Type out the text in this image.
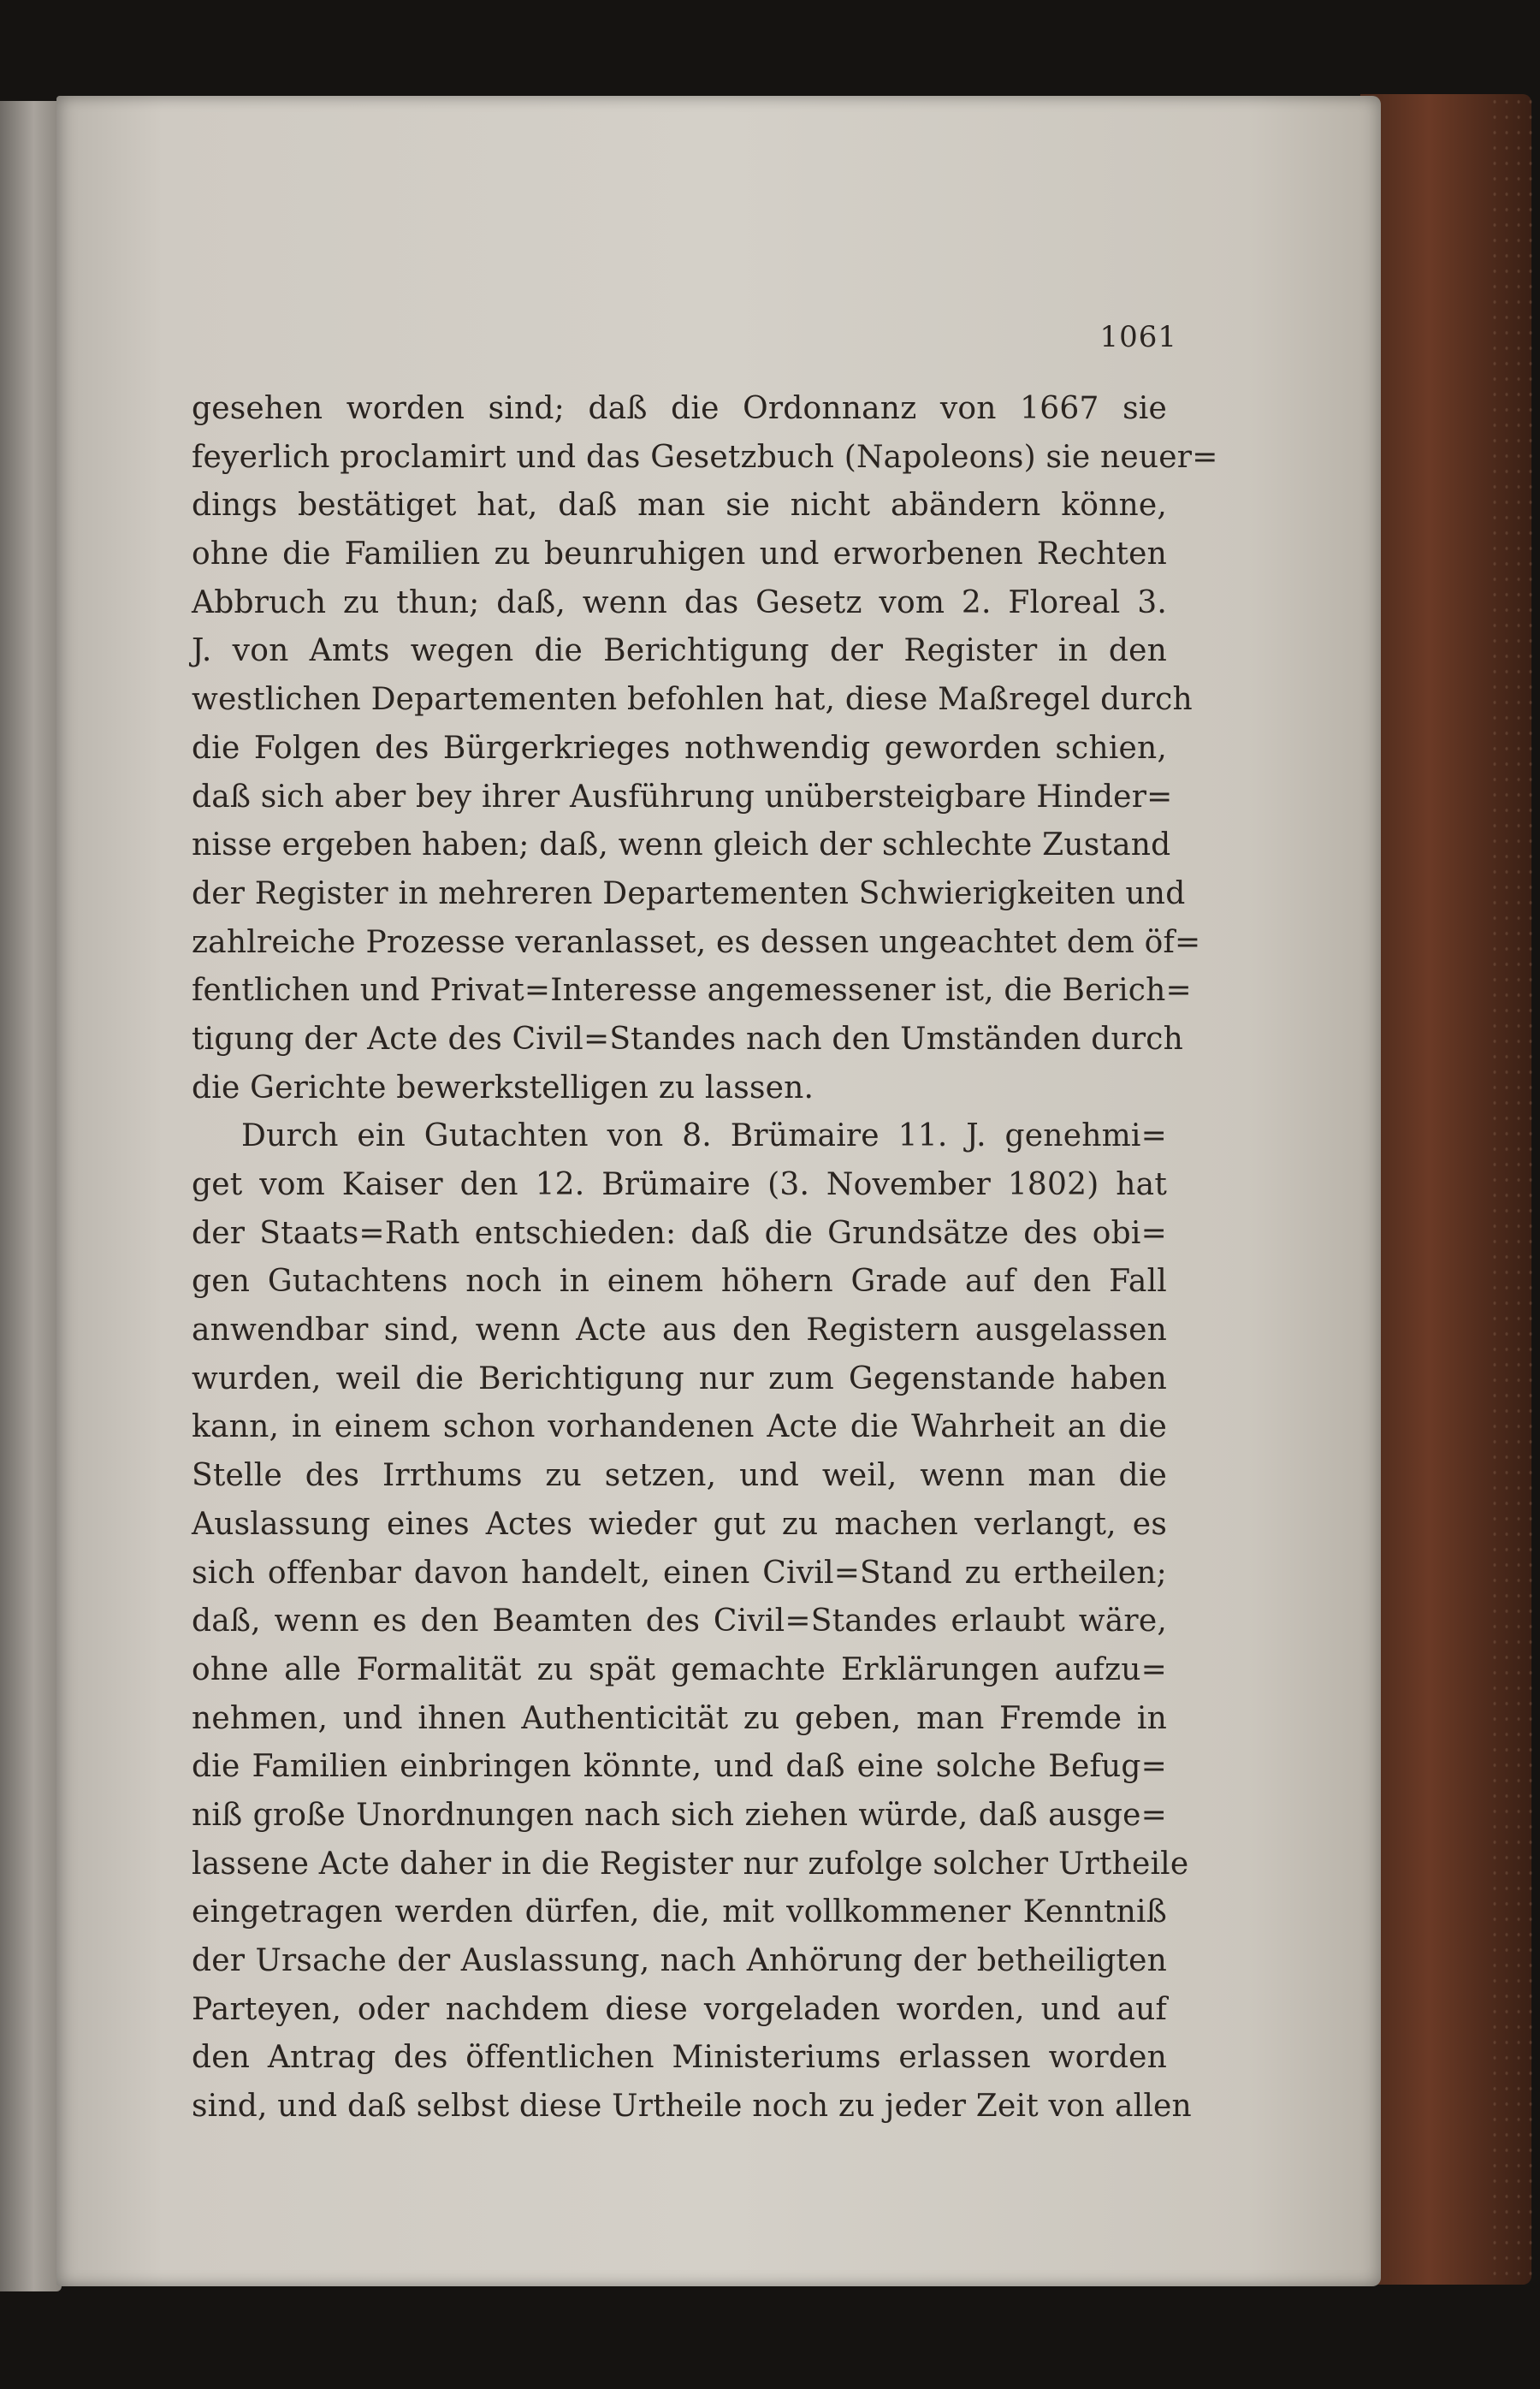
1061
gesehen worden sind; daß die Ordonnanz von 1667 sie
feyerlich proclamirt und das Gesetzbuch (Napoleons) sie neuer=
dings bestätiget hat, daß man sie nicht abändern könne,
ohne die Familien zu beunruhigen und erworbenen Rechten
Abbruch zu thun; daß, wenn das Gesetz vom 2. Floreal 3.
J. von Amts wegen die Berichtigung der Register in den
westlichen Departementen befohlen hat, diese Maßregel durch
die Folgen des Bürgerkrieges nothwendig geworden schien,
daß sich aber bey ihrer Ausführung unübersteigbare Hinder=
nisse ergeben haben; daß, wenn gleich der schlechte Zustand
der Register in mehreren Departementen Schwierigkeiten und
zahlreiche Prozesse veranlasset, es dessen ungeachtet dem öf=
fentlichen und Privat=Interesse angemessener ist, die Berich=
tigung der Acte des Civil=Standes nach den Umständen durch
die Gerichte bewerkstelligen zu lassen.
Durch ein Gutachten von 8. Brümaire 11. J. genehmi=
get vom Kaiser den 12. Brümaire (3. November 1802) hat
der Staats=Rath entschieden: daß die Grundsätze des obi=
gen Gutachtens noch in einem höhern Grade auf den Fall
anwendbar sind, wenn Acte aus den Registern ausgelassen
wurden, weil die Berichtigung nur zum Gegenstande haben
kann, in einem schon vorhandenen Acte die Wahrheit an die
Stelle des Irrthums zu setzen, und weil, wenn man die
Auslassung eines Actes wieder gut zu machen verlangt, es
sich offenbar davon handelt, einen Civil=Stand zu ertheilen;
daß, wenn es den Beamten des Civil=Standes erlaubt wäre,
ohne alle Formalität zu spät gemachte Erklärungen aufzu=
nehmen, und ihnen Authenticität zu geben, man Fremde in
die Familien einbringen könnte, und daß eine solche Befug=
niß große Unordnungen nach sich ziehen würde, daß ausge=
lassene Acte daher in die Register nur zufolge solcher Urtheile
eingetragen werden dürfen, die, mit vollkommener Kenntniß
der Ursache der Auslassung, nach Anhörung der betheiligten
Parteyen, oder nachdem diese vorgeladen worden, und auf
den Antrag des öffentlichen Ministeriums erlassen worden
sind, und daß selbst diese Urtheile noch zu jeder Zeit von allen
